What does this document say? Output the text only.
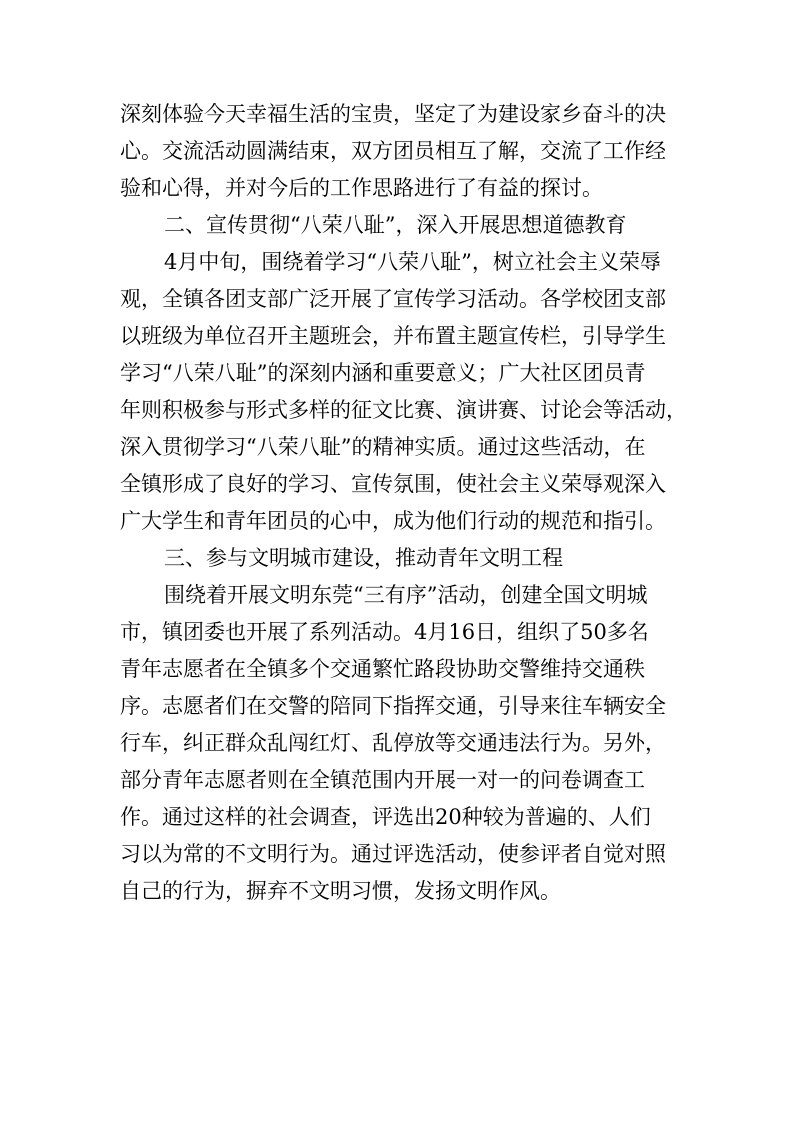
深刻体验今天幸福生活的宝贵，坚定了为建设家乡奋斗的决
心。交流活动圆满结束，双方团员相互了解，交流了工作经
验和心得，并对今后的工作思路进行了有益的探讨。
二、宣传贯彻“八荣八耻”，深入开展思想道德教育
4月中旬，围绕着学习“八荣八耻”，树立社会主义荣辱
观，全镇各团支部广泛开展了宣传学习活动。各学校团支部
以班级为单位召开主题班会，并布置主题宣传栏，引导学生
学习“八荣八耻”的深刻内涵和重要意义；广大社区团员青
年则积极参与形式多样的征文比赛、演讲赛、讨论会等活动，
深入贯彻学习“八荣八耻”的精神实质。通过这些活动，在
全镇形成了良好的学习、宣传氛围，使社会主义荣辱观深入
广大学生和青年团员的心中，成为他们行动的规范和指引。
三、参与文明城市建设，推动青年文明工程
围绕着开展文明东莞“三有序”活动，创建全国文明城
市，镇团委也开展了系列活动。4月16日，组织了50多名
青年志愿者在全镇多个交通繁忙路段协助交警维持交通秩
序。志愿者们在交警的陪同下指挥交通，引导来往车辆安全
行车，纠正群众乱闯红灯、乱停放等交通违法行为。另外，
部分青年志愿者则在全镇范围内开展一对一的问卷调查工
作。通过这样的社会调查，评选出20种较为普遍的、人们
习以为常的不文明行为。通过评选活动，使参评者自觉对照
自己的行为，摒弃不文明习惯，发扬文明作风。
